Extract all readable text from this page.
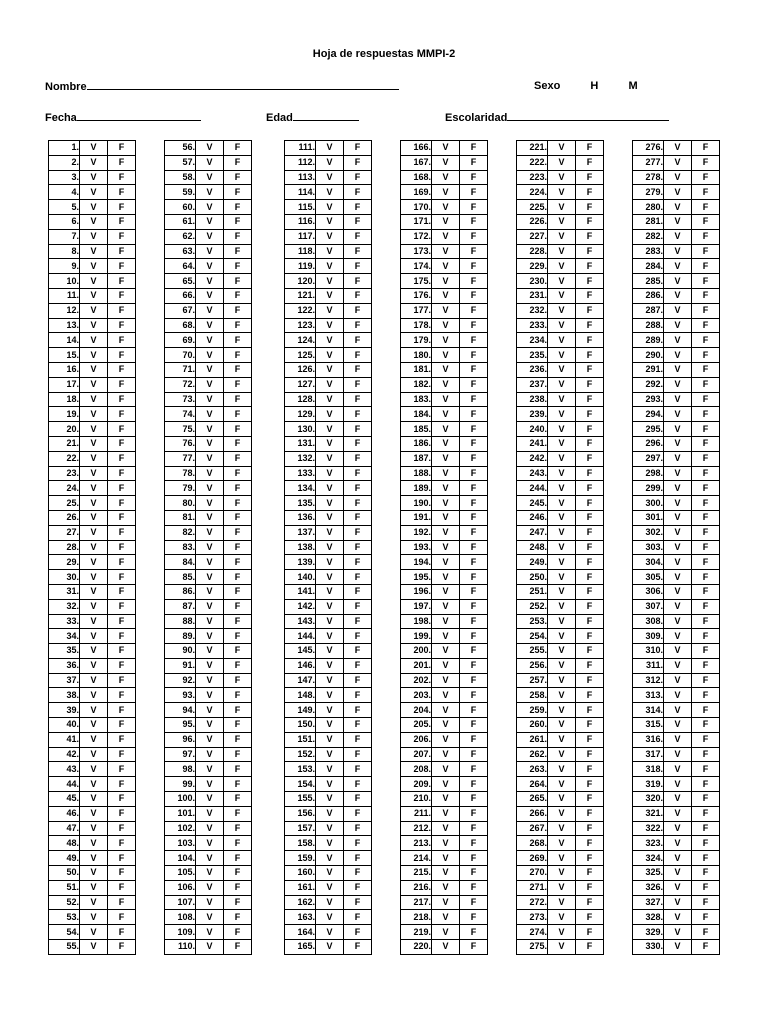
Hoja de respuestas MMPI-2
Nombre	Sexo	H	M
Fecha	Edad	Escolaridad
1.	V	F
2.	V	F
3.	V	F
4.	V	F
5.	V	F
6.	V	F
7.	V	F
8.	V	F
9.	V	F
10.	V	F
11.	V	F
12.	V	F
13.	V	F
14.	V	F
15.	V	F
16.	V	F
17.	V	F
18.	V	F
19.	V	F
20.	V	F
21.	V	F
22.	V	F
23.	V	F
24.	V	F
25.	V	F
26.	V	F
27.	V	F
28.	V	F
29.	V	F
30.	V	F
31.	V	F
32.	V	F
33.	V	F
34.	V	F
35.	V	F
36.	V	F
37.	V	F
38.	V	F
39.	V	F
40.	V	F
41.	V	F
42.	V	F
43.	V	F
44.	V	F
45.	V	F
46.	V	F
47.	V	F
48.	V	F
49.	V	F
50.	V	F
51.	V	F
52.	V	F
53.	V	F
54.	V	F
55.	V	F
56.	V	F
57.	V	F
58.	V	F
59.	V	F
60.	V	F
61.	V	F
62.	V	F
63.	V	F
64.	V	F
65.	V	F
66.	V	F
67.	V	F
68.	V	F
69.	V	F
70.	V	F
71.	V	F
72.	V	F
73.	V	F
74.	V	F
75.	V	F
76.	V	F
77.	V	F
78.	V	F
79.	V	F
80.	V	F
81.	V	F
82.	V	F
83.	V	F
84.	V	F
85.	V	F
86.	V	F
87.	V	F
88.	V	F
89.	V	F
90.	V	F
91.	V	F
92.	V	F
93.	V	F
94.	V	F
95.	V	F
96.	V	F
97.	V	F
98.	V	F
99.	V	F
100.	V	F
101.	V	F
102.	V	F
103.	V	F
104.	V	F
105.	V	F
106.	V	F
107.	V	F
108.	V	F
109.	V	F
110.	V	F
111.	V	F
112.	V	F
113.	V	F
114.	V	F
115.	V	F
116.	V	F
117.	V	F
118.	V	F
119.	V	F
120.	V	F
121.	V	F
122.	V	F
123.	V	F
124.	V	F
125.	V	F
126.	V	F
127.	V	F
128.	V	F
129.	V	F
130.	V	F
131.	V	F
132.	V	F
133.	V	F
134.	V	F
135.	V	F
136.	V	F
137.	V	F
138.	V	F
139.	V	F
140.	V	F
141.	V	F
142.	V	F
143.	V	F
144.	V	F
145.	V	F
146.	V	F
147.	V	F
148.	V	F
149.	V	F
150.	V	F
151.	V	F
152.	V	F
153.	V	F
154.	V	F
155.	V	F
156.	V	F
157.	V	F
158.	V	F
159.	V	F
160.	V	F
161.	V	F
162.	V	F
163.	V	F
164.	V	F
165.	V	F
166.	V	F
167.	V	F
168.	V	F
169.	V	F
170.	V	F
171.	V	F
172.	V	F
173.	V	F
174.	V	F
175.	V	F
176.	V	F
177.	V	F
178.	V	F
179.	V	F
180.	V	F
181.	V	F
182.	V	F
183.	V	F
184.	V	F
185.	V	F
186.	V	F
187.	V	F
188.	V	F
189.	V	F
190.	V	F
191.	V	F
192.	V	F
193.	V	F
194.	V	F
195.	V	F
196.	V	F
197.	V	F
198.	V	F
199.	V	F
200.	V	F
201.	V	F
202.	V	F
203.	V	F
204.	V	F
205.	V	F
206.	V	F
207.	V	F
208.	V	F
209.	V	F
210.	V	F
211.	V	F
212.	V	F
213.	V	F
214.	V	F
215.	V	F
216.	V	F
217.	V	F
218.	V	F
219.	V	F
220.	V	F
221.	V	F
222.	V	F
223.	V	F
224.	V	F
225.	V	F
226.	V	F
227.	V	F
228.	V	F
229.	V	F
230.	V	F
231.	V	F
232.	V	F
233.	V	F
234.	V	F
235.	V	F
236.	V	F
237.	V	F
238.	V	F
239.	V	F
240.	V	F
241.	V	F
242.	V	F
243.	V	F
244.	V	F
245.	V	F
246.	V	F
247.	V	F
248.	V	F
249.	V	F
250.	V	F
251.	V	F
252.	V	F
253.	V	F
254.	V	F
255.	V	F
256.	V	F
257.	V	F
258.	V	F
259.	V	F
260.	V	F
261.	V	F
262.	V	F
263.	V	F
264.	V	F
265.	V	F
266.	V	F
267.	V	F
268.	V	F
269.	V	F
270.	V	F
271.	V	F
272.	V	F
273.	V	F
274.	V	F
275.	V	F
276.	V	F
277.	V	F
278.	V	F
279.	V	F
280.	V	F
281.	V	F
282.	V	F
283.	V	F
284.	V	F
285.	V	F
286.	V	F
287.	V	F
288.	V	F
289.	V	F
290.	V	F
291.	V	F
292.	V	F
293.	V	F
294.	V	F
295.	V	F
296.	V	F
297.	V	F
298.	V	F
299.	V	F
300.	V	F
301.	V	F
302.	V	F
303.	V	F
304.	V	F
305.	V	F
306.	V	F
307.	V	F
308.	V	F
309.	V	F
310.	V	F
311.	V	F
312.	V	F
313.	V	F
314.	V	F
315.	V	F
316.	V	F
317.	V	F
318.	V	F
319.	V	F
320.	V	F
321.	V	F
322.	V	F
323.	V	F
324.	V	F
325.	V	F
326.	V	F
327.	V	F
328.	V	F
329.	V	F
330.	V	F
